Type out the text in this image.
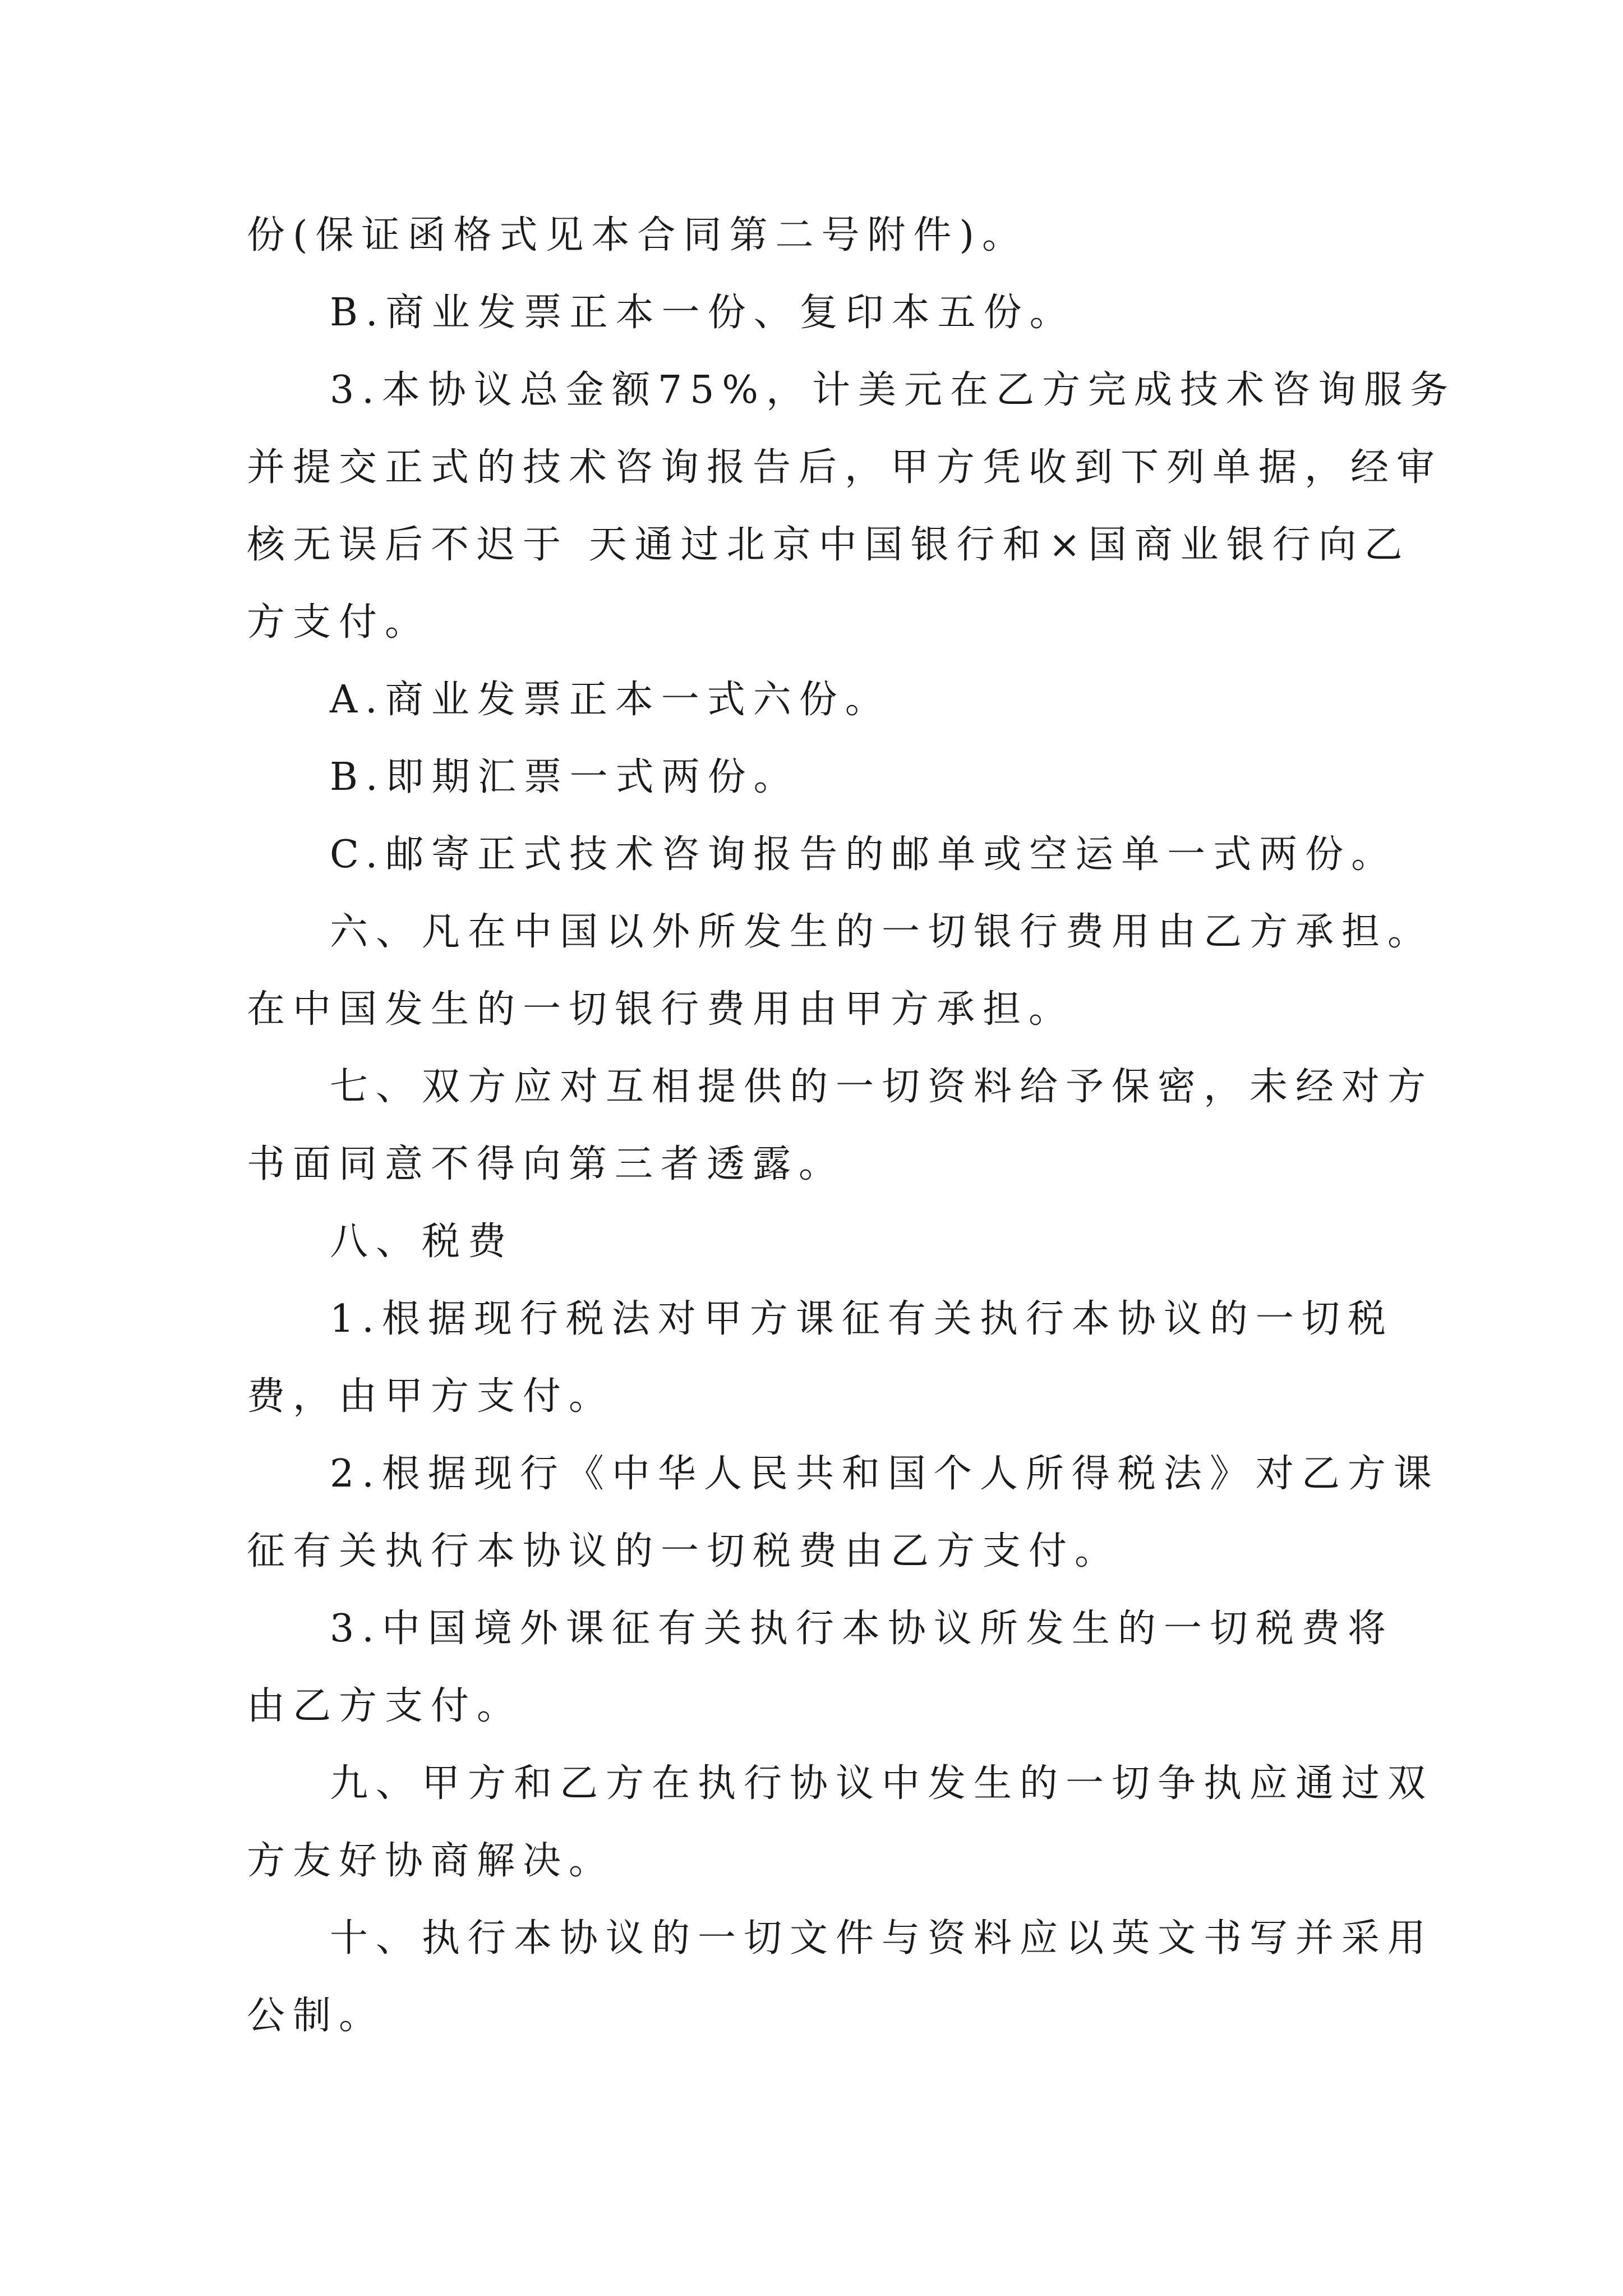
份(保证函格式见本合同第二号附件)。
B.商业发票正本一份、复印本五份。
3.本协议总金额75%，计美元在乙方完成技术咨询服务
并提交正式的技术咨询报告后，甲方凭收到下列单据，经审
核无误后不迟于 天通过北京中国银行和×国商业银行向乙
方支付。
A.商业发票正本一式六份。
B.即期汇票一式两份。
C.邮寄正式技术咨询报告的邮单或空运单一式两份。
六、凡在中国以外所发生的一切银行费用由乙方承担。
在中国发生的一切银行费用由甲方承担。
七、双方应对互相提供的一切资料给予保密，未经对方
书面同意不得向第三者透露。
八、税费
1.根据现行税法对甲方课征有关执行本协议的一切税
费，由甲方支付。
2.根据现行《中华人民共和国个人所得税法》对乙方课
征有关执行本协议的一切税费由乙方支付。
3.中国境外课征有关执行本协议所发生的一切税费将
由乙方支付。
九、甲方和乙方在执行协议中发生的一切争执应通过双
方友好协商解决。
十、执行本协议的一切文件与资料应以英文书写并采用
公制。
